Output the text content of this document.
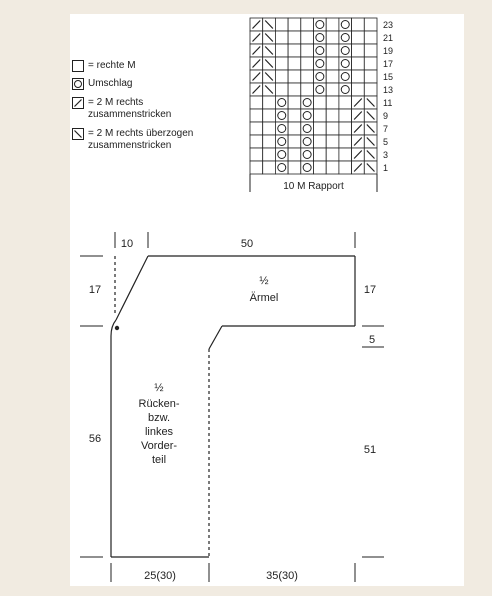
= rechte M
Umschlag
= 2 M rechts
zusammenstricken
= 2 M rechts überzogen
zusammenstricken
23
21
19
17
15
13
11
9
7
5
3
1
10 M Rapport
10	50
17
56
17
5
51
25(30)	35(30)
½
Ärmel
½
Rücken-
bzw.
linkes
Vorder-
teil
